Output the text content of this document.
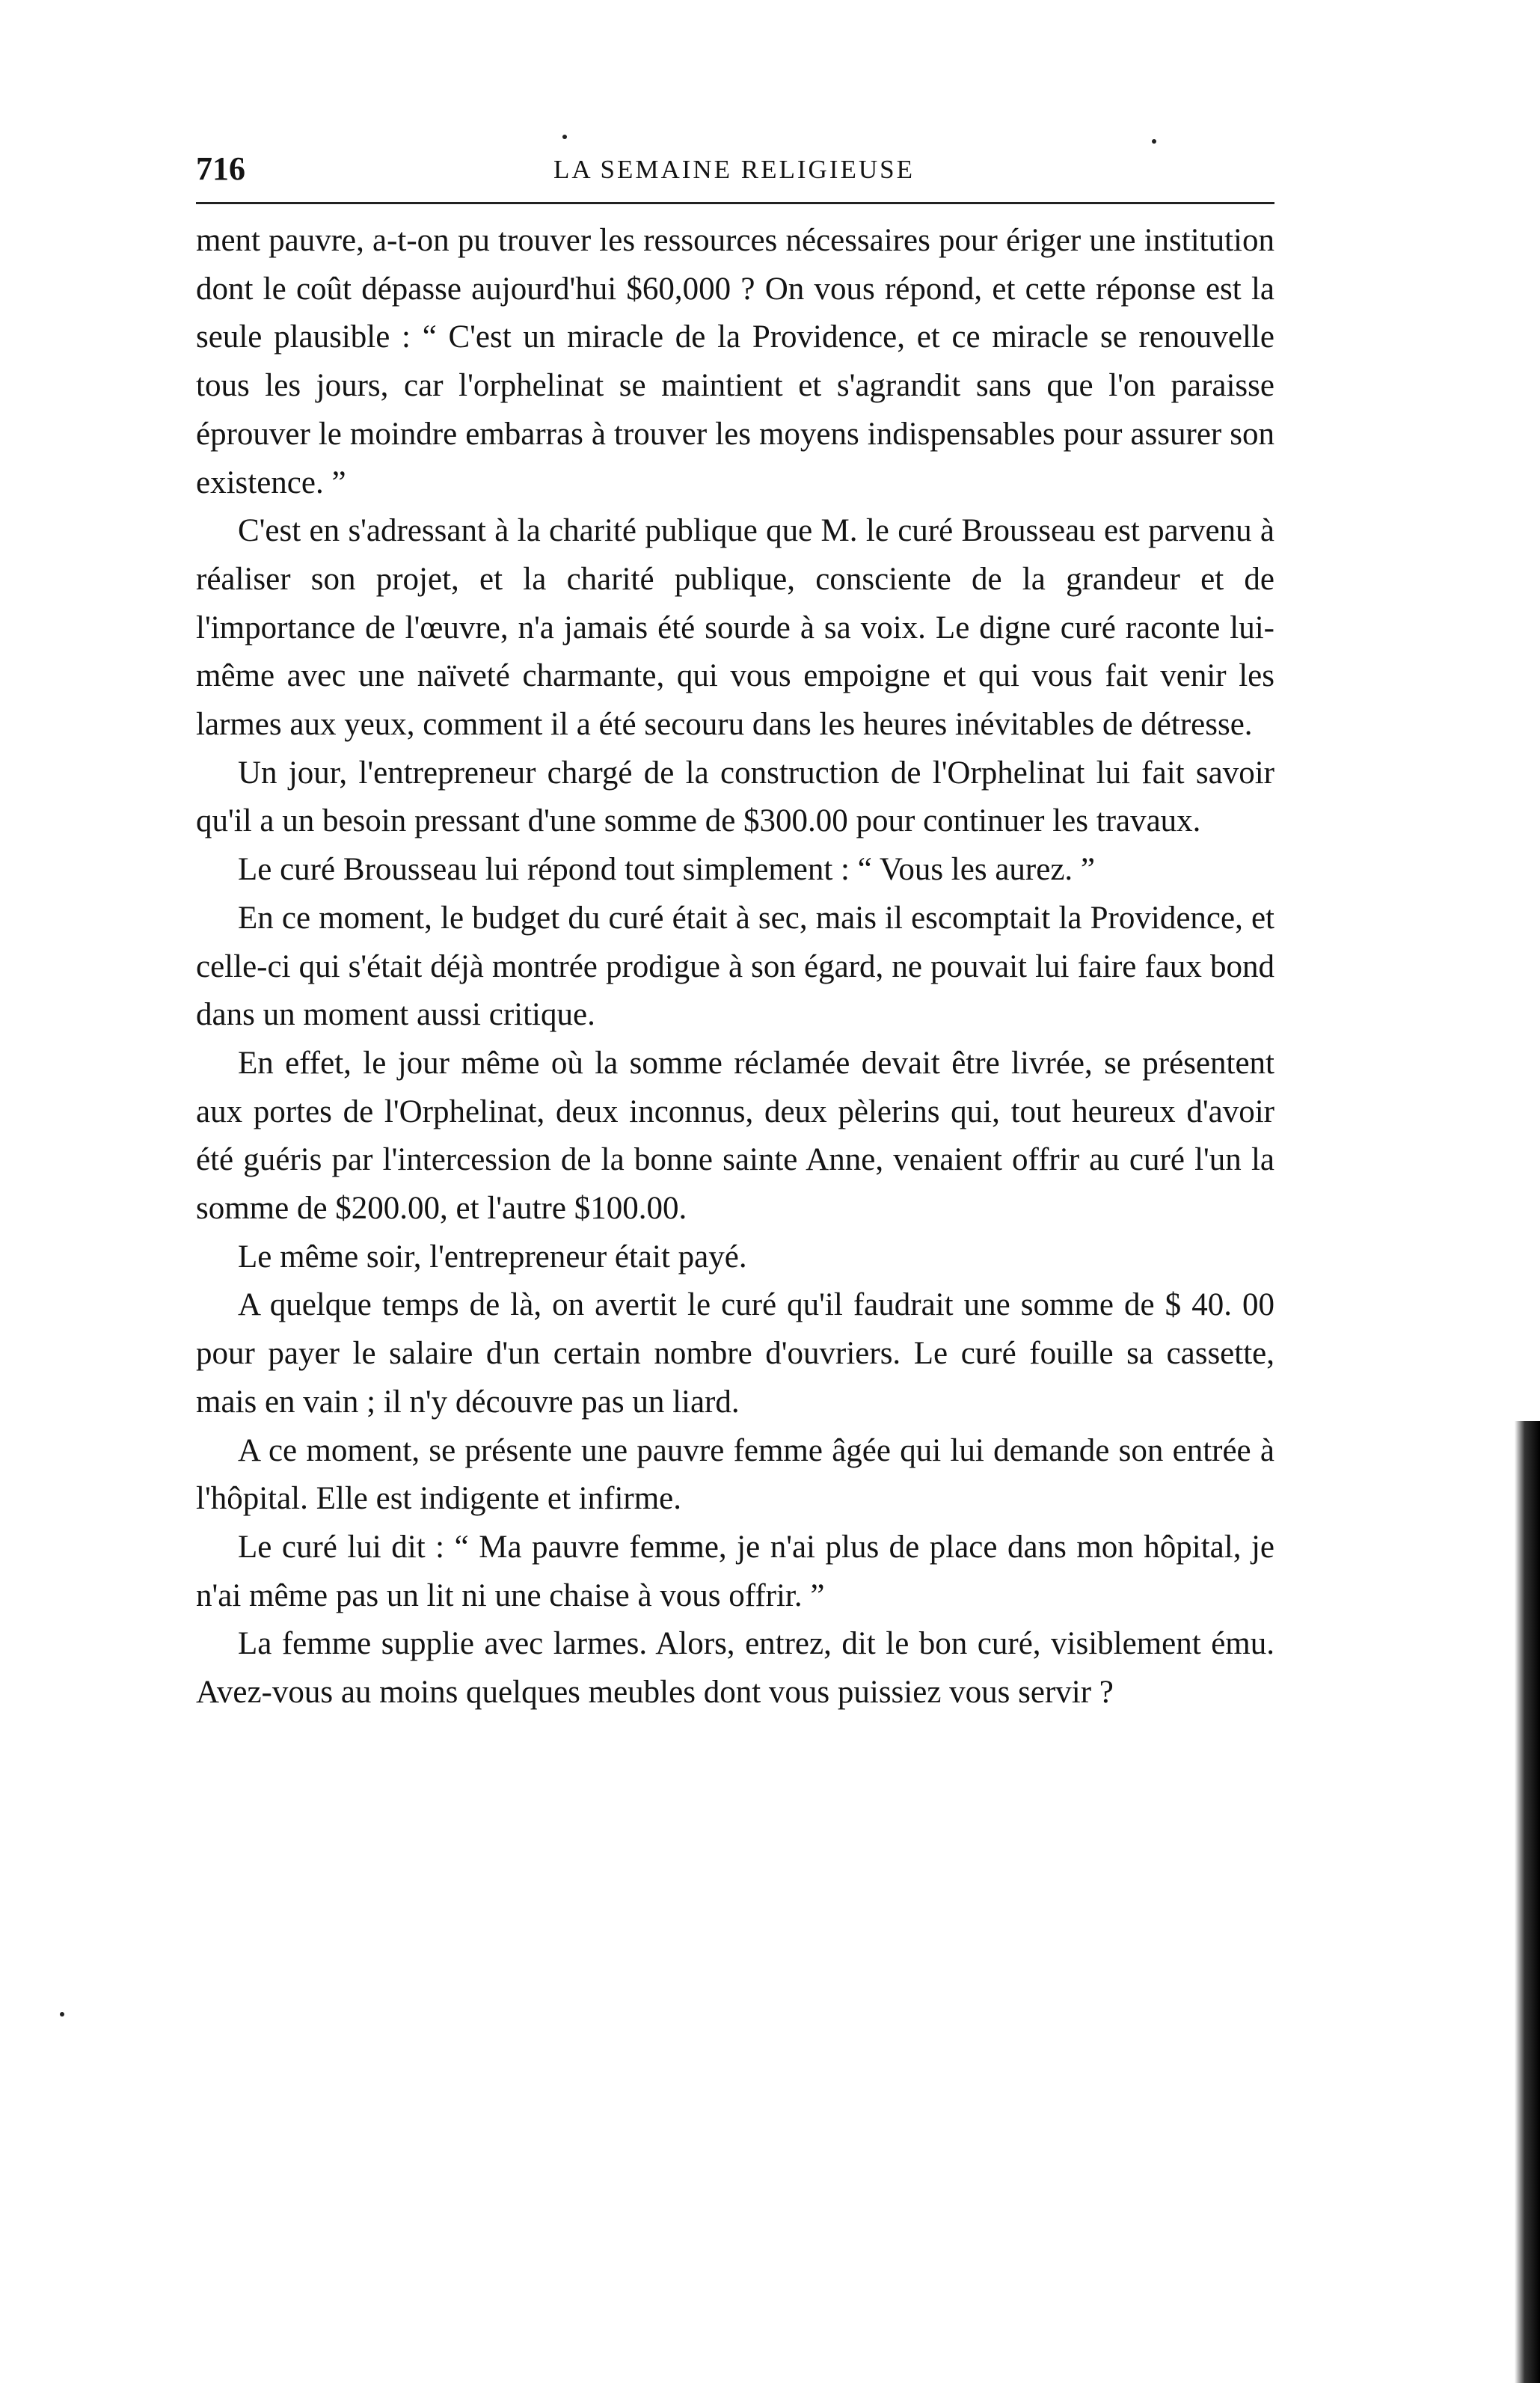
716	LA SEMAINE RELIGIEUSE

ment pauvre, a-t-on pu trouver les ressources nécessaires pour ériger une institution dont le coût dépasse aujourd'hui $60,000 ? On vous répond, et cette réponse est la seule plausible : “ C'est un miracle de la Providence, et ce miracle se renouvelle tous les jours, car l'orphelinat se maintient et s'agrandit sans que l'on paraisse éprouver le moindre embarras à trouver les moyens indispensables pour assurer son existence. ”

C'est en s'adressant à la charité publique que M. le curé Brousseau est parvenu à réaliser son projet, et la charité publique, consciente de la grandeur et de l'importance de l'œuvre, n'a jamais été sourde à sa voix. Le digne curé raconte lui-même avec une naïveté charmante, qui vous empoigne et qui vous fait venir les larmes aux yeux, comment il a été secouru dans les heures inévitables de détresse.

Un jour, l'entrepreneur chargé de la construction de l'Orphelinat lui fait savoir qu'il a un besoin pressant d'une somme de $300.00 pour continuer les travaux.

Le curé Brousseau lui répond tout simplement : “ Vous les aurez. ”

En ce moment, le budget du curé était à sec, mais il escomptait la Providence, et celle-ci qui s'était déjà montrée prodigue à son égard, ne pouvait lui faire faux bond dans un moment aussi critique.

En effet, le jour même où la somme réclamée devait être livrée, se présentent aux portes de l'Orphelinat, deux inconnus, deux pèlerins qui, tout heureux d'avoir été guéris par l'intercession de la bonne sainte Anne, venaient offrir au curé l'un la somme de $200.00, et l'autre $100.00.

Le même soir, l'entrepreneur était payé.

A quelque temps de là, on avertit le curé qu'il faudrait une somme de $ 40. 00 pour payer le salaire d'un certain nombre d'ouvriers. Le curé fouille sa cassette, mais en vain ; il n'y découvre pas un liard.

A ce moment, se présente une pauvre femme âgée qui lui demande son entrée à l'hôpital. Elle est indigente et infirme.

Le curé lui dit : “ Ma pauvre femme, je n'ai plus de place dans mon hôpital, je n'ai même pas un lit ni une chaise à vous offrir. ”

La femme supplie avec larmes. Alors, entrez, dit le bon curé, visiblement ému. Avez-vous au moins quelques meubles dont vous puissiez vous servir ?
